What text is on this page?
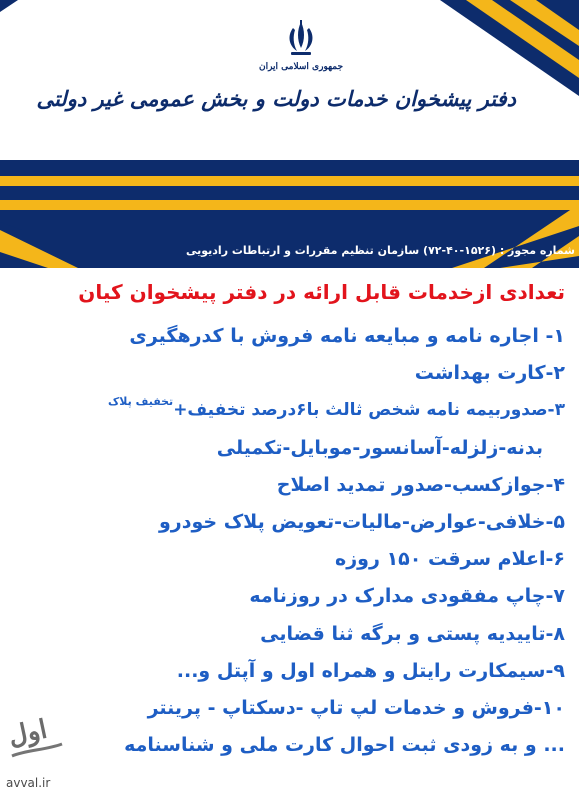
جمهوری اسلامی ایران
دفتر پیشخوان خدمات دولت و بخش عمومی غیر دولتی
شماره مجوز : (۱۵۲۶-۴۰-۷۲) سازمان تنظیم مقررات و ارتباطات رادیویی
تعدادی ازخدمات قابل ارائه در دفتر پیشخوان کیان
۱- اجاره نامه و مبایعه نامه فروش با کدرهگیری
۲-کارت بهداشت
۳-صدوربیمه نامه شخص ثالث با۶درصد تخفیف+$^{تخفیف پلاک}$
بدنه-زلزله-آسانسور-موبایل-تکمیلی
۴-جوازکسب-صدور تمدید اصلاح
۵-خلافی-عوارض-مالیات-تعویض پلاک خودرو
۶-اعلام سرقت ۱۵۰ روزه
۷-چاپ مفقودی مدارک در روزنامه
۸-تاییدیه پستی و برگه ثنا قضایی
۹-سیمکارت رایتل و همراه اول و آپتل و...
۱۰-فروش و خدمات لپ تاپ -دسکتاپ - پرینتر
... و به زودی ثبت احوال کارت ملی و شناسنامه
اول
avval.ir
